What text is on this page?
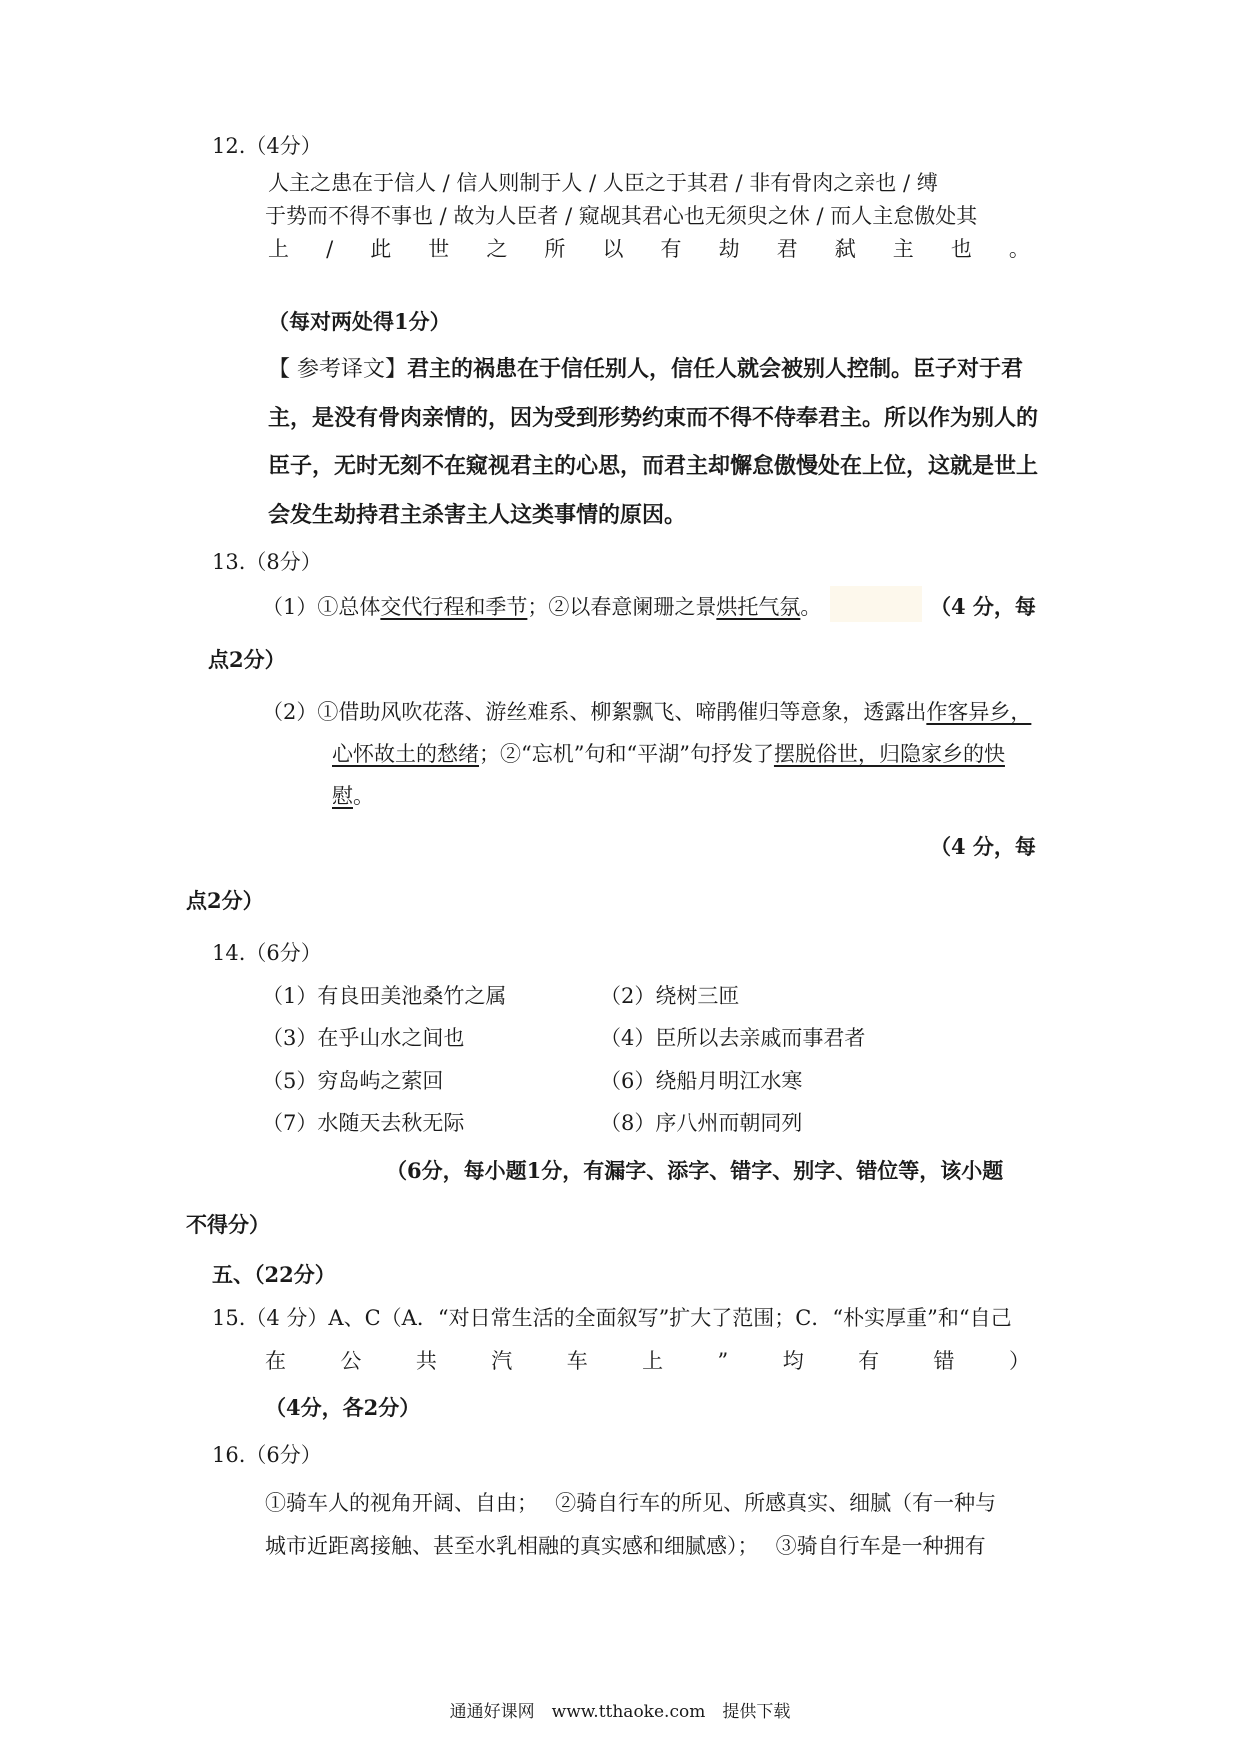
12.（4分）
人主之患在于信人 / 信人则制于人 / 人臣之于其君 / 非有骨肉之亲也 / 缚
于势而不得不事也 / 故为人臣者 / 窥觇其君心也无须臾之休 / 而人主怠傲处其
上 / 此 世 之 所 以 有 劫 君 弑 主 也 。
（每对两处得1分）
【 参考译文】君主的祸患在于信任别人，信任人就会被别人控制。臣子对于君
主，是没有骨肉亲情的，因为受到形势约束而不得不侍奉君主。所以作为别人的
臣子，无时无刻不在窥视君主的心思，而君主却懈怠傲慢处在上位，这就是世上
会发生劫持君主杀害主人这类事情的原因。
13.（8分）
（1）①总体交代行程和季节；②以春意阑珊之景烘托气氛。	（4 分，每
点2分）
（2）①借助风吹花落、游丝难系、柳絮飘飞、啼鹃催归等意象，透露出作客异乡，
心怀故土的愁绪；②“忘机”句和“平湖”句抒发了摆脱俗世，归隐家乡的快
慰。
（4 分，每
点2分）
14.（6分）
（1）有良田美池桑竹之属	（2）绕树三匝
（3）在乎山水之间也	（4）臣所以去亲戚而事君者
（5）穷岛屿之萦回	（6）绕船月明江水寒
（7）水随天去秋无际	（8）序八州而朝同列
（6分，每小题1分，有漏字、添字、错字、别字、错位等，该小题
不得分）
五、（22分）
15.（4 分）A、C（A．“对日常生活的全面叙写”扩大了范围；C．“朴实厚重”和“自己
在	公	共	汽	车	上	”	均	有	错	）
（4分，各2分）
16.（6分）
①骑车人的视角开阔、自由；　 ②骑自行车的所见、所感真实、细腻（有一种与
城市近距离接触、甚至水乳相融的真实感和细腻感）；　 ③骑自行车是一种拥有
通通好课网　www.tthaoke.com　提供下载
